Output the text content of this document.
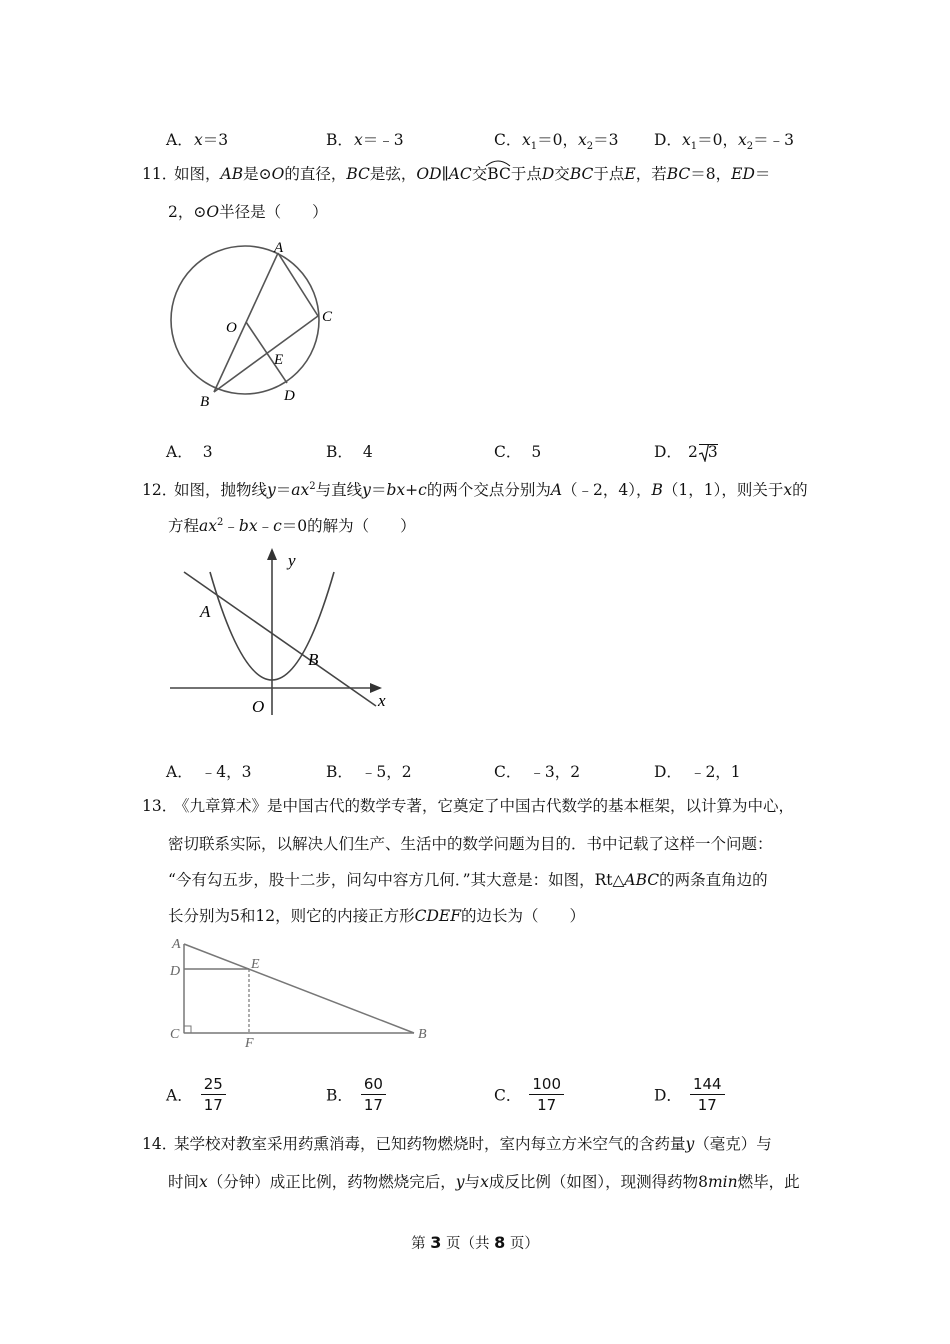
A． x＝3	B． x＝﹣3	C． $x_1=0$，$x_2=3$ D． $x_1=0$，$x_2=﹣3$
11．
如图，AB是⊙O的直径，BC是弦，OD∥AC交BC
于点D交BC于点E，若BC＝8，ED＝
2，⊙O半径是（　　）
A
C
O
E
B	D
A． 3	B． 4	C． 5	D． 2 3
12．
如图，抛物线$y=ax^2$与直线y＝bx+c的两个交点分别为A（﹣2，4），B（1，1），则关于x的
方程$ax^2﹣bx﹣c=0$的解为（　　）
y
x
A
B
O
A． ﹣4，3	B． ﹣5，2	C． ﹣3，2	D． ﹣2，1
13．
《九章算术》是中国古代的数学专著，它奠定了中国古代数学的基本框架，以计算为中心，
密切联系实际，以解决人们生产、生活中的数学问题为目的．书中记载了这样一个问题：
“今有勾五步，股十二步，问勾中容方几何．”其大意是：如图，Rt△ABC的两条直角边的
长分别为5和12，则它的内接正方形CDEF的边长为（　　）
A
D	E
C
F
B
A． $\frac{25}{17}$	B． $\frac{60}{17}$	C． $\frac{100}{17}$	D． $\frac{144}{17}$
14．
某学校对教室采用药熏消毒，已知药物燃烧时，室内每立方米空气的含药量y（毫克）与
时间x（分钟）成正比例，药物燃烧完后，y与x成反比例（如图），现测得药物8min燃毕，此
第 3 页（共 8 页）
